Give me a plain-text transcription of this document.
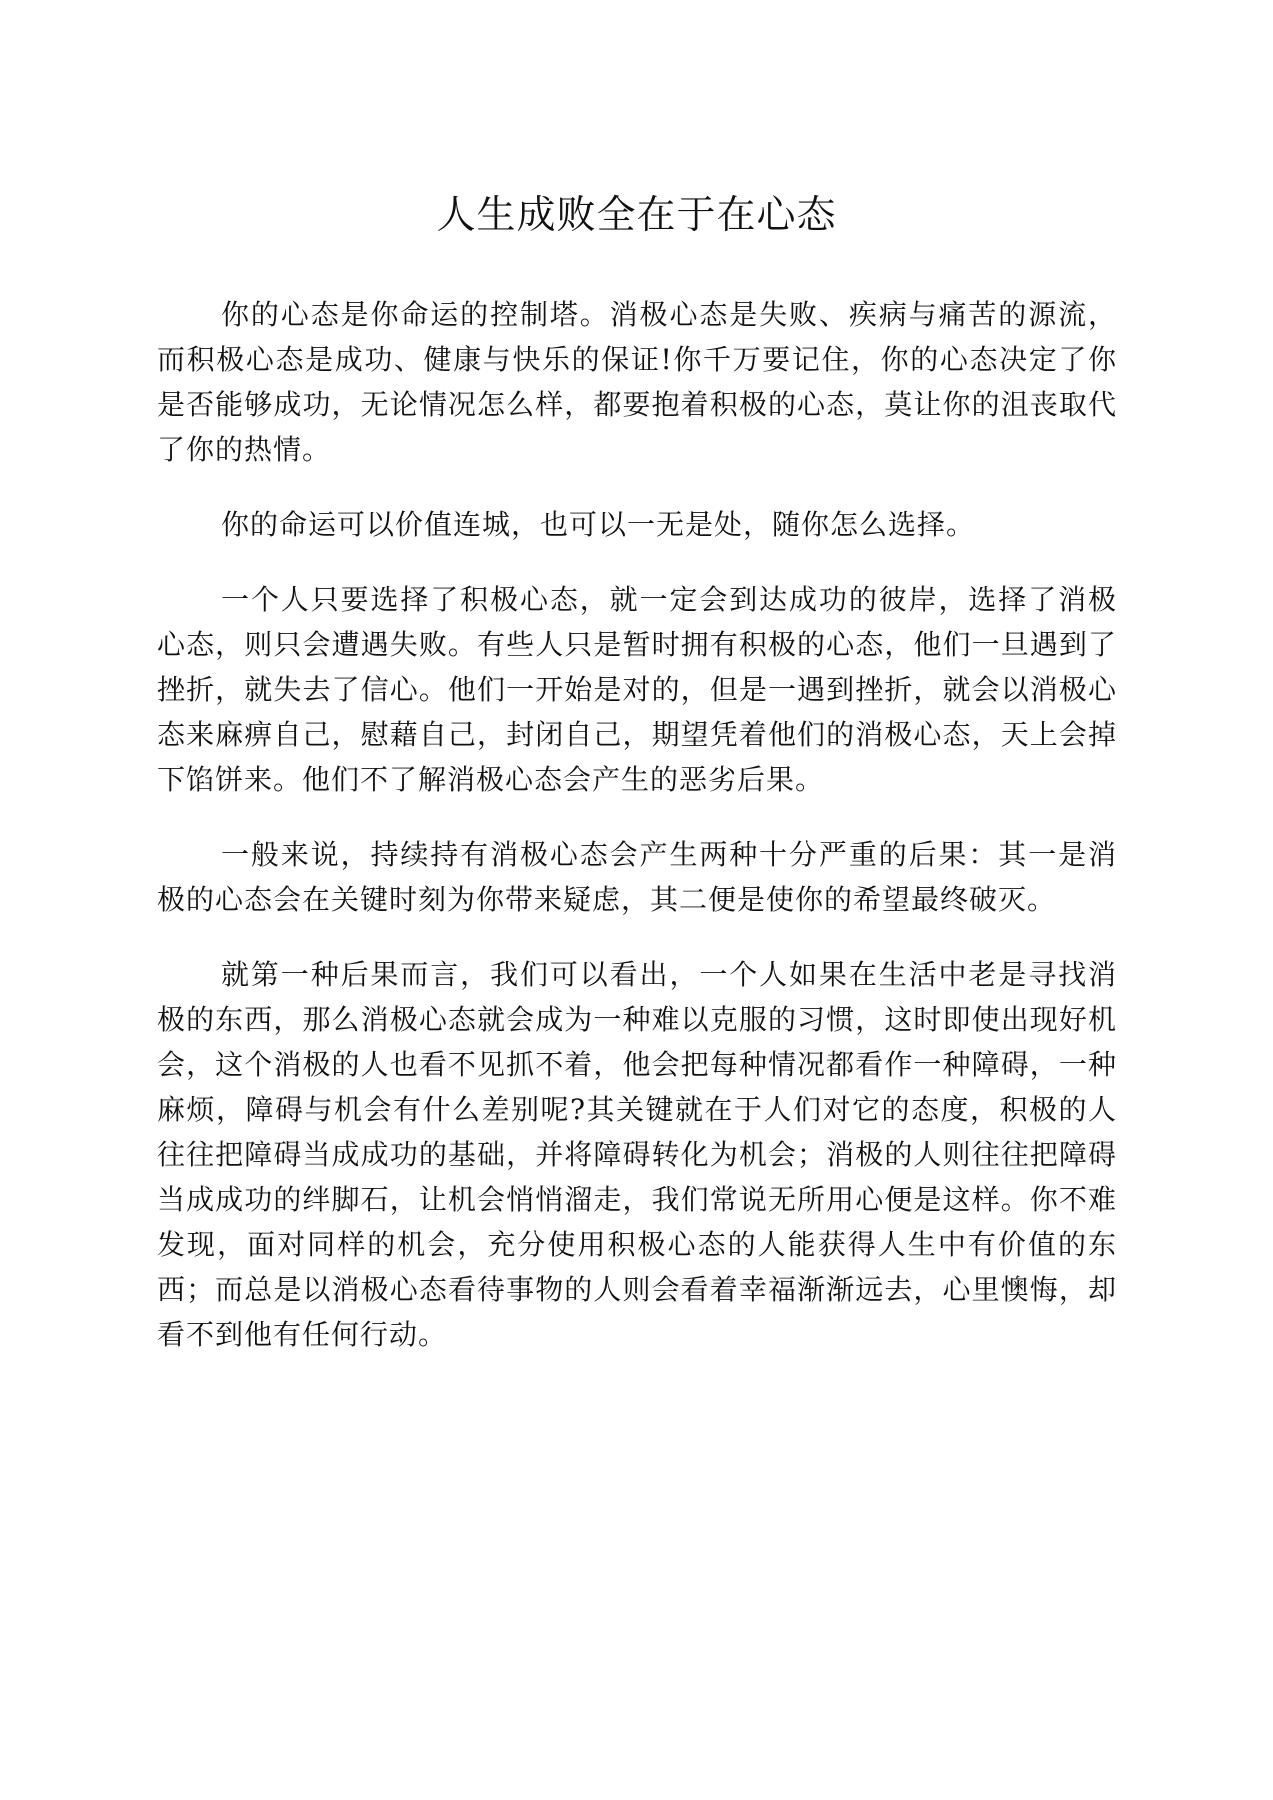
人生成败全在于在心态

你的心态是你命运的控制塔。消极心态是失败、疾病与痛苦的源流，而积极心态是成功、健康与快乐的保证!你千万要记住，你的心态决定了你是否能够成功，无论情况怎么样，都要抱着积极的心态，莫让你的沮丧取代了你的热情。

你的命运可以价值连城，也可以一无是处，随你怎么选择。

一个人只要选择了积极心态，就一定会到达成功的彼岸，选择了消极心态，则只会遭遇失败。有些人只是暂时拥有积极的心态，他们一旦遇到了挫折，就失去了信心。他们一开始是对的，但是一遇到挫折，就会以消极心态来麻痹自己，慰藉自己，封闭自己，期望凭着他们的消极心态，天上会掉下馅饼来。他们不了解消极心态会产生的恶劣后果。

一般来说，持续持有消极心态会产生两种十分严重的后果：其一是消极的心态会在关键时刻为你带来疑虑，其二便是使你的希望最终破灭。

就第一种后果而言，我们可以看出，一个人如果在生活中老是寻找消极的东西，那么消极心态就会成为一种难以克服的习惯，这时即使出现好机会，这个消极的人也看不见抓不着，他会把每种情况都看作一种障碍，一种麻烦，障碍与机会有什么差别呢?其关键就在于人们对它的态度，积极的人往往把障碍当成成功的基础，并将障碍转化为机会；消极的人则往往把障碍当成成功的绊脚石，让机会悄悄溜走，我们常说无所用心便是这样。你不难发现，面对同样的机会，充分使用积极心态的人能获得人生中有价值的东西；而总是以消极心态看待事物的人则会看着幸福渐渐远去，心里懊悔，却看不到他有任何行动。
